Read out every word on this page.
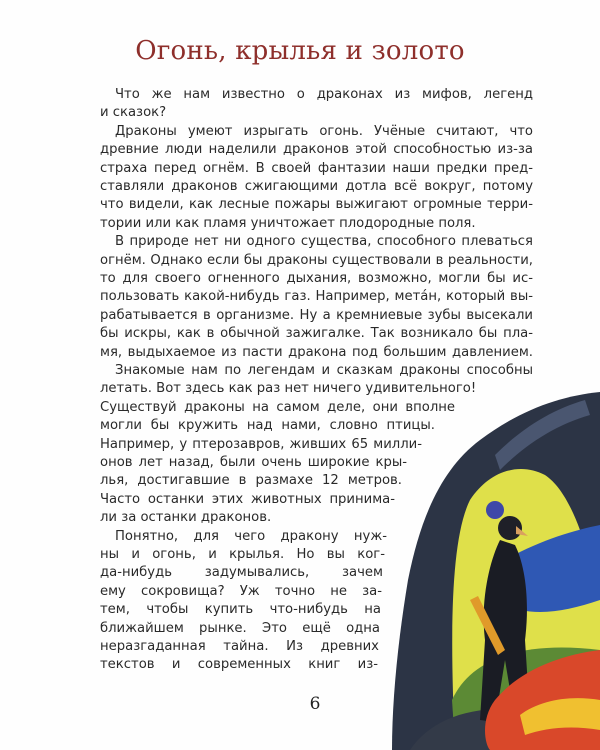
Огонь, крылья и золото
Что же нам известно о драконах из мифов, легенд
и сказок?
Драконы умеют изрыгать огонь. Учёные считают, что
древние люди наделили драконов этой способностью из-за
страха перед огнём. В своей фантазии наши предки пред-
ставляли драконов сжигающими дотла всё вокруг, потому
что видели, как лесные пожары выжигают огромные терри-
тории или как пламя уничтожает плодородные поля.
В природе нет ни одного существа, способного плеваться
огнём. Однако если бы драконы существовали в реальности,
то для своего огненного дыхания, возможно, могли бы ис-
пользовать какой-нибудь газ. Например, мета́н, который вы-
рабатывается в организме. Ну а кремниевые зубы высекали
бы искры, как в обычной зажигалке. Так возникало бы пла-
мя, выдыхаемое из пасти дракона под большим давлением.
Знакомые нам по легендам и сказкам драконы способны
летать. Вот здесь как раз нет ничего удивительного!
Существуй драконы на самом деле, они вполне
могли бы кружить над нами, словно птицы.
Например, у птерозавров, живших 65 милли-
онов лет назад, были очень широкие кры-
лья, достигавшие в размахе 12 метров.
Часто останки этих животных принима-
ли за останки драконов.
Понятно, для чего дракону нуж-
ны и огонь, и крылья. Но вы ког-
да-нибудь задумывались, зачем
ему сокровища? Уж точно не за-
тем, чтобы купить что-нибудь на
ближайшем рынке. Это ещё одна
неразгаданная тайна. Из древних
текстов и современных книг из-
6
